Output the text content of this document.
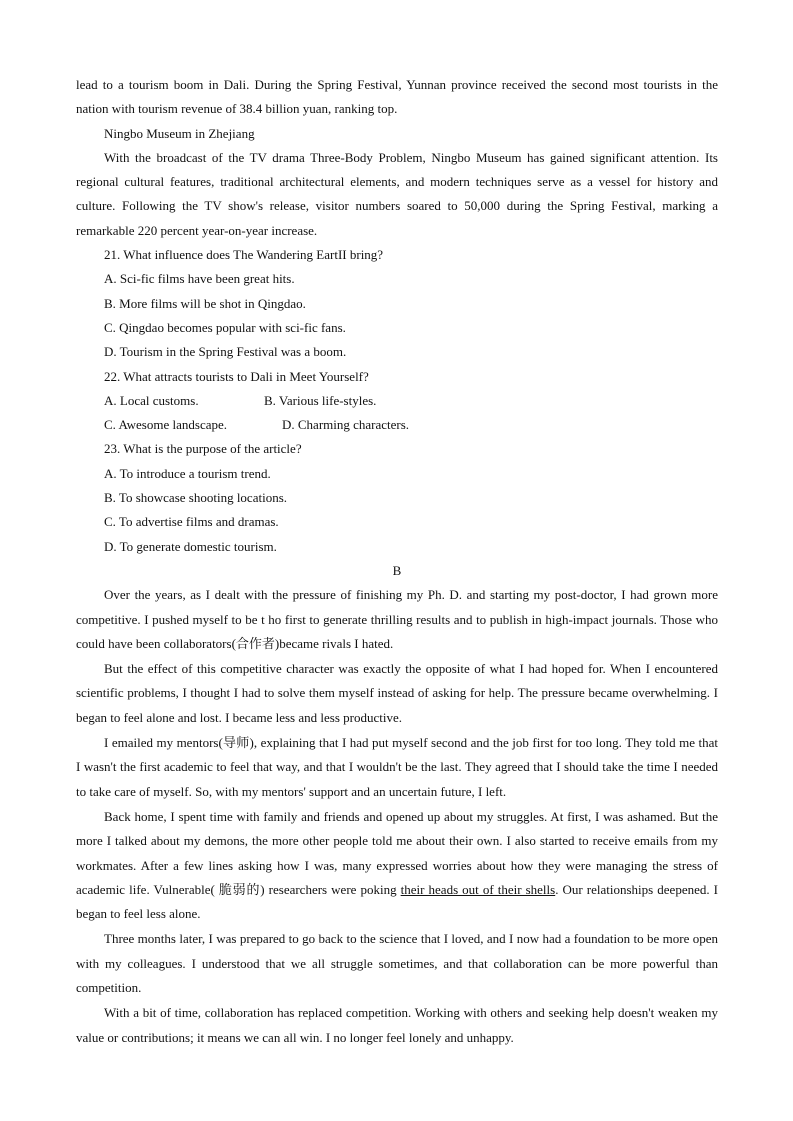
lead to a tourism boom in Dali. During the Spring Festival, Yunnan province received the second most tourists in the nation with tourism revenue of 38.4 billion yuan, ranking top.

Ningbo Museum in Zhejiang

With the broadcast of the TV drama Three-Body Problem, Ningbo Museum has gained significant attention. Its regional cultural features, traditional architectural elements, and modern techniques serve as a vessel for history and culture. Following the TV show's release, visitor numbers soared to 50,000 during the Spring Festival, marking a remarkable 220 percent year-on-year increase.

21. What influence does The Wandering EartII bring?

A. Sci-fic films have been great hits.

B. More films will be shot in Qingdao.

C. Qingdao becomes popular with sci-fic fans.

D. Tourism in the Spring Festival was a boom.

22. What attracts tourists to Dali in Meet Yourself?

A. Local customs.	B. Various life-styles.

C. Awesome landscape.	D. Charming characters.

23. What is the purpose of the article?

A. To introduce a tourism trend.

B. To showcase shooting locations.

C. To advertise films and dramas.

D. To generate domestic tourism.

B

Over the years, as I dealt with the pressure of finishing my Ph. D. and starting my post-doctor, I had grown more competitive. I pushed myself to be t ho first to generate thrilling results and to publish in high-impact journals. Those who could have been collaborators(合作者)became rivals I hated.

But the effect of this competitive character was exactly the opposite of what I had hoped for. When I encountered scientific problems, I thought I had to solve them myself instead of asking for help. The pressure became overwhelming. I began to feel alone and lost. I became less and less productive.

I emailed my mentors(导师), explaining that I had put myself second and the job first for too long. They told me that I wasn't the first academic to feel that way, and that I wouldn't be the last. They agreed that I should take the time I needed to take care of myself. So, with my mentors' support and an uncertain future, I left.

Back home, I spent time with family and friends and opened up about my struggles. At first, I was ashamed. But the more I talked about my demons, the more other people told me about their own. I also started to receive emails from my workmates. After a few lines asking how I was, many expressed worries about how they were managing the stress of academic life. Vulnerable( 脆弱的) researchers were poking their heads out of their shells. Our relationships deepened. I began to feel less alone.

Three months later, I was prepared to go back to the science that I loved, and I now had a foundation to be more open with my colleagues. I understood that we all struggle sometimes, and that collaboration can be more powerful than competition.

With a bit of time, collaboration has replaced competition. Working with others and seeking help doesn't weaken my value or contributions; it means we can all win. I no longer feel lonely and unhappy.
